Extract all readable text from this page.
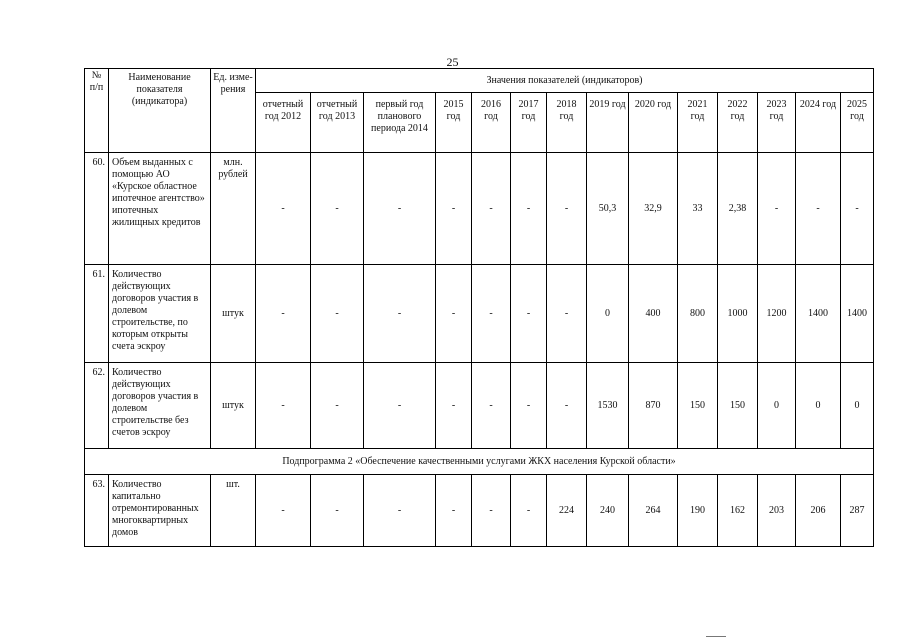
25
№ п/п	Наименование показателя (индикатора)	Ед. изме-рения	Значения показателей (индикаторов)													
			отчетный год 2012	отчетный год 2013	первый год планового периода 2014	2015 год	2016 год	2017 год	2018 год	2019 год	2020 год	2021 год	2022 год	2023 год	2024 год	2025 год
60.	Объем выданных с помощью АО «Курское областное ипотечное агентство» ипотечных жилищных кредитов	млн. рублей	-	-	-	-	-	-	-	50,3	32,9	33	2,38	-	-	-
61.	Количество действующих договоров участия в долевом строительстве, по которым открыты счета эскроу	штук	-	-	-	-	-	-	-	0	400	800	1000	1200	1400	1400
62.	Количество действующих договоров участия в долевом строительстве без счетов эскроу	штук	-	-	-	-	-	-	-	1530	870	150	150	0	0	0
Подпрограмма 2 «Обеспечение качественными услугами ЖКХ населения Курской области»																
63.	Количество капитально отремонтированных многоквартирных домов	шт.	-	-	-	-	-	-	224	240	264	190	162	203	206	287
